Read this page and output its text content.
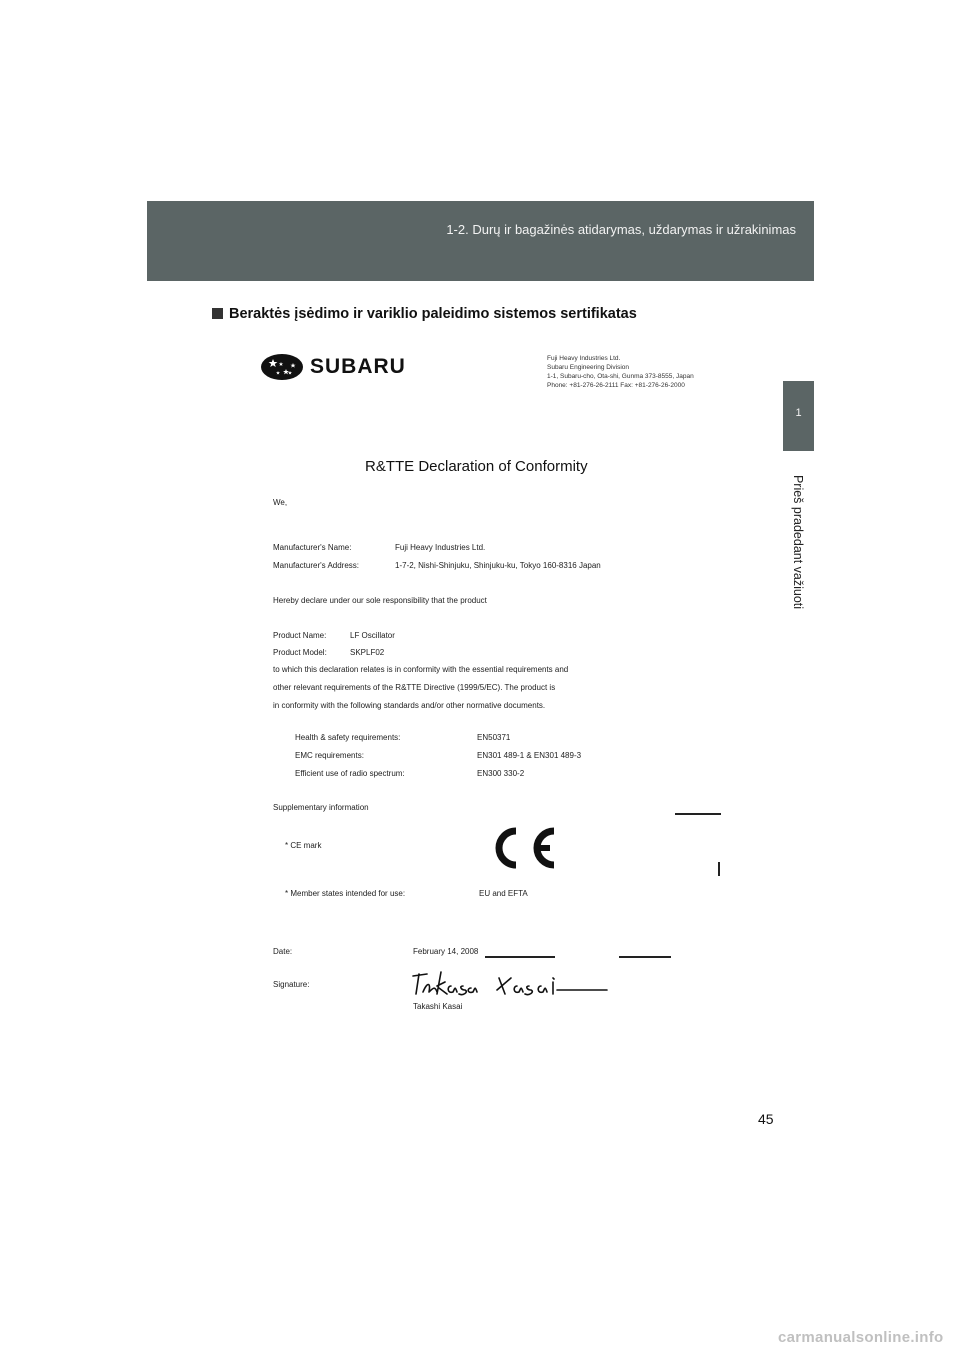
1-2. Durų ir bagažinės atidarymas, uždarymas ir užrakinimas
1
Prieš pradedant važiuoti
Beraktės įsėdimo ir variklio paleidimo sistemos sertifikatas
SUBARU	Fuji Heavy Industries Ltd.
Subaru Engineering Division
1-1, Subaru-cho, Ota-shi, Gunma 373-8555, Japan
Phone: +81-276-26-2111 Fax: +81-276-26-2000
R&TTE Declaration of Conformity
We,
Manufacturer's Name:	Fuji Heavy Industries Ltd.
Manufacturer's Address:	1-7-2, Nishi-Shinjuku, Shinjuku-ku, Tokyo 160-8316 Japan
Hereby declare under our sole responsibility that the product
Product Name:	LF Oscillator
Product Model:	SKPLF02
to which this declaration relates is in conformity with the essential requirements and
other relevant requirements of the R&TTE Directive (1999/5/EC). The product is
in conformity with the following standards and/or other normative documents.
Health & safety requirements:	EN50371
EMC requirements:	EN301 489-1 & EN301 489-3
Efficient use of radio spectrum:	EN300 330-2
Supplementary information
* CE mark
* Member states intended for use:	EU and EFTA
Date:	February 14, 2008
Signature:
Takashi Kasai
45
carmanualsonline.info
